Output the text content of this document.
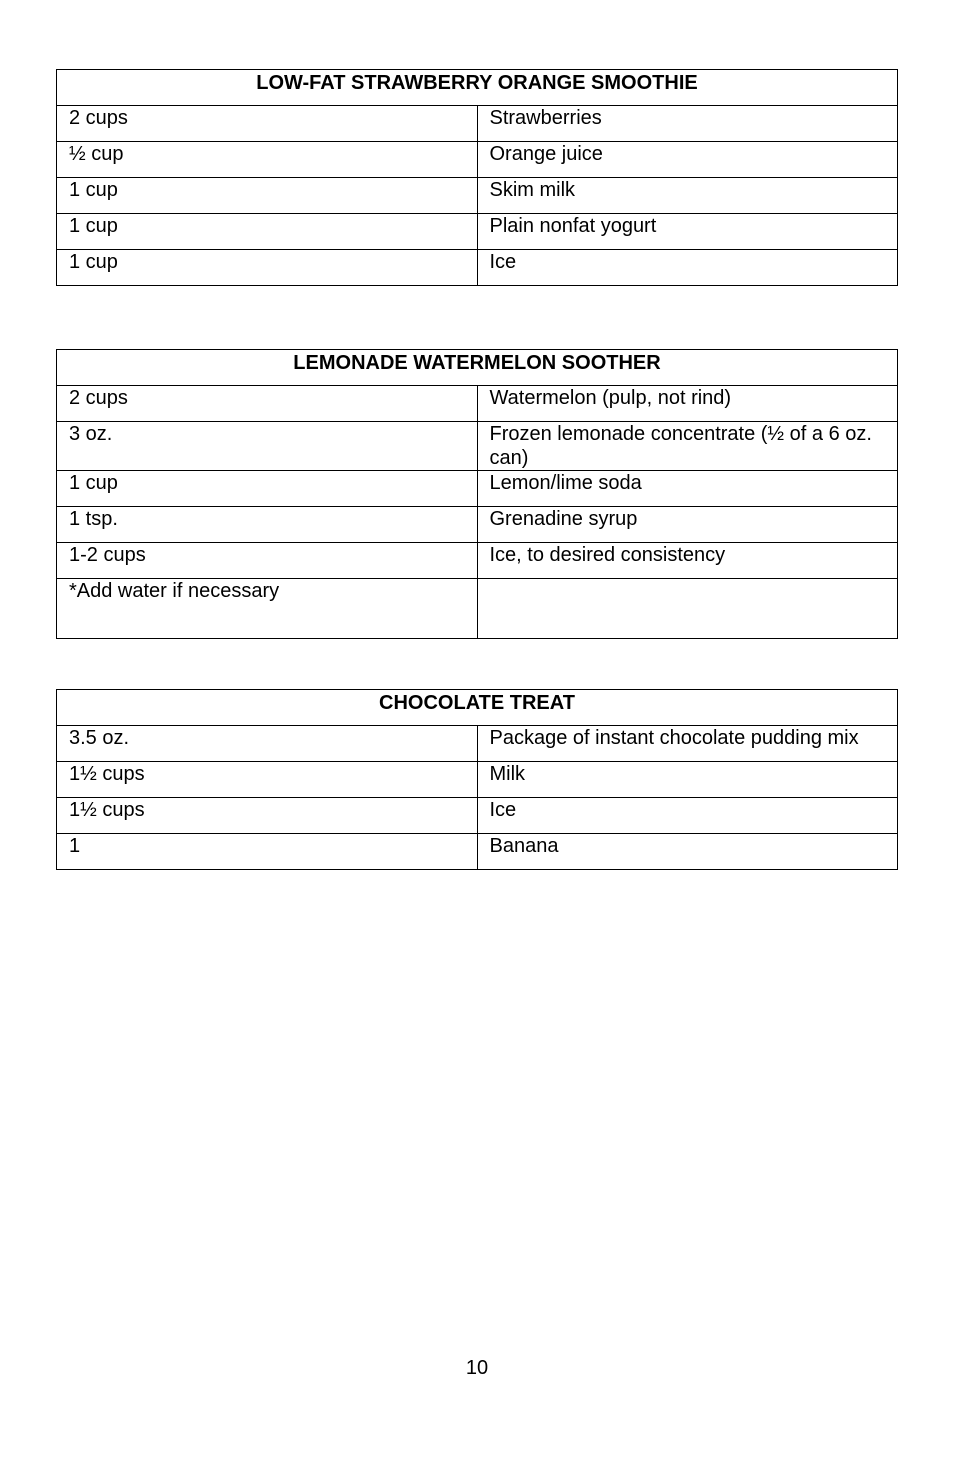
LOW-FAT STRAWBERRY ORANGE SMOOTHIE	
2 cups	Strawberries
½ cup	Orange juice
1 cup	Skim milk
1 cup	Plain nonfat yogurt
1 cup	Ice
LEMONADE WATERMELON SOOTHER	
2 cups	Watermelon (pulp, not rind)
3 oz.	Frozen lemonade concentrate (½ of a 6 oz. can)
1 cup	Lemon/lime soda
1 tsp.	Grenadine syrup
1-2 cups	Ice, to desired consistency
*Add water if necessary	
CHOCOLATE TREAT	
3.5 oz.	Package of instant chocolate pudding mix
1½ cups	Milk
1½ cups	Ice
1	Banana
10
